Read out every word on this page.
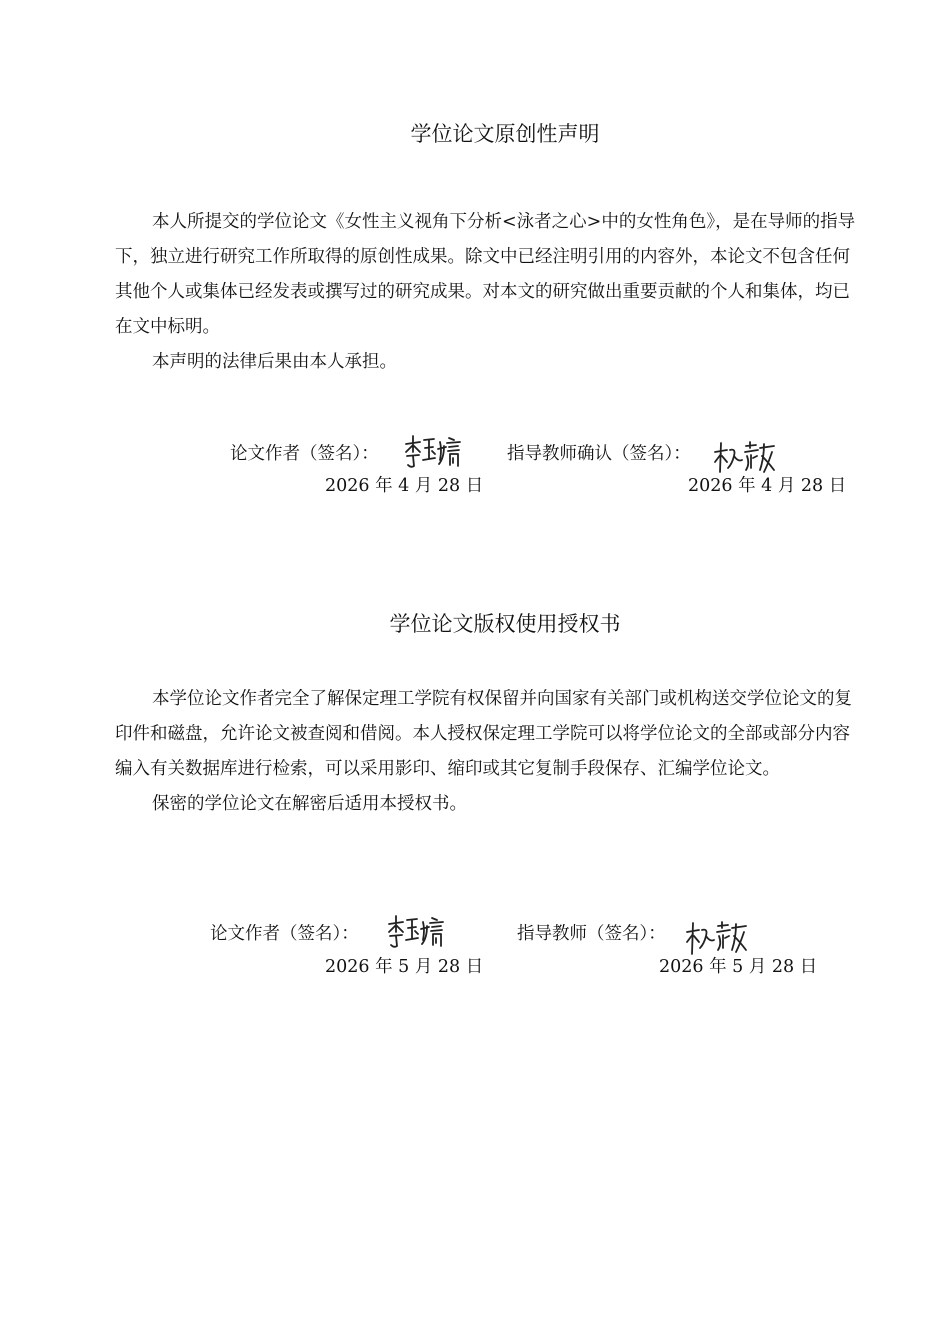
学位论文原创性声明

本人所提交的学位论文《女性主义视角下分析<泳者之心>中的女性角色》，是在导师的指导下，独立进行研究工作所取得的原创性成果。除文中已经注明引用的内容外，本论文不包含任何其他个人或集体已经发表或撰写过的研究成果。对本文的研究做出重要贡献的个人和集体，均已在文中标明。

本声明的法律后果由本人承担。

论文作者（签名）：	指导教师确认（签名）：
2026 年 4 月 28 日	2026 年 4 月 28 日
学位论文版权使用授权书

本学位论文作者完全了解保定理工学院有权保留并向国家有关部门或机构送交学位论文的复印件和磁盘，允许论文被查阅和借阅。本人授权保定理工学院可以将学位论文的全部或部分内容编入有关数据库进行检索，可以采用影印、缩印或其它复制手段保存、汇编学位论文。

保密的学位论文在解密后适用本授权书。

论文作者（签名）：	指导教师（签名）：
2026 年 5 月 28 日	2026 年 5 月 28 日
